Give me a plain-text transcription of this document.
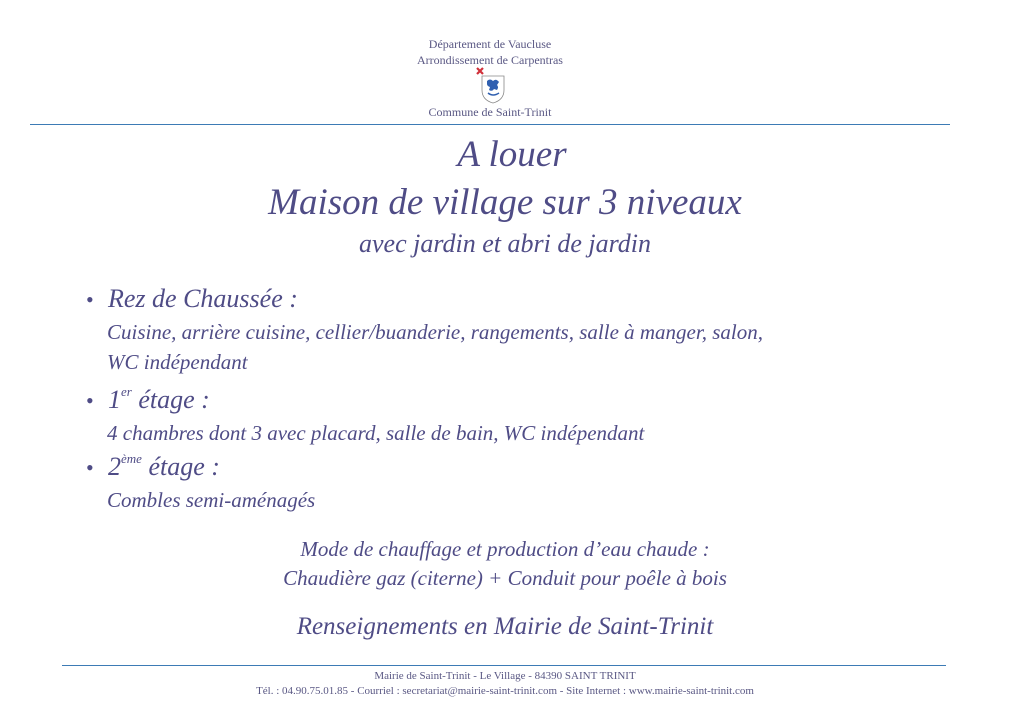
Département de Vaucluse
Arrondissement de Carpentras
Commune de Saint-Trinit
A louer
Maison de village sur 3 niveaux
avec jardin et abri de jardin
• Rez de Chaussée :
Cuisine, arrière cuisine, cellier/buanderie, rangements, salle à manger, salon,
WC indépendant
• 1er étage :
4 chambres dont 3 avec placard, salle de bain, WC indépendant
• 2ème étage :
Combles semi-aménagés
Mode de chauffage et production d’eau chaude :
Chaudière gaz (citerne) + Conduit pour poêle à bois
Renseignements en Mairie de Saint-Trinit
Mairie de Saint-Trinit - Le Village - 84390 SAINT TRINIT
Tél. : 04.90.75.01.85 - Courriel : secretariat@mairie-saint-trinit.com - Site Internet : www.mairie-saint-trinit.com
